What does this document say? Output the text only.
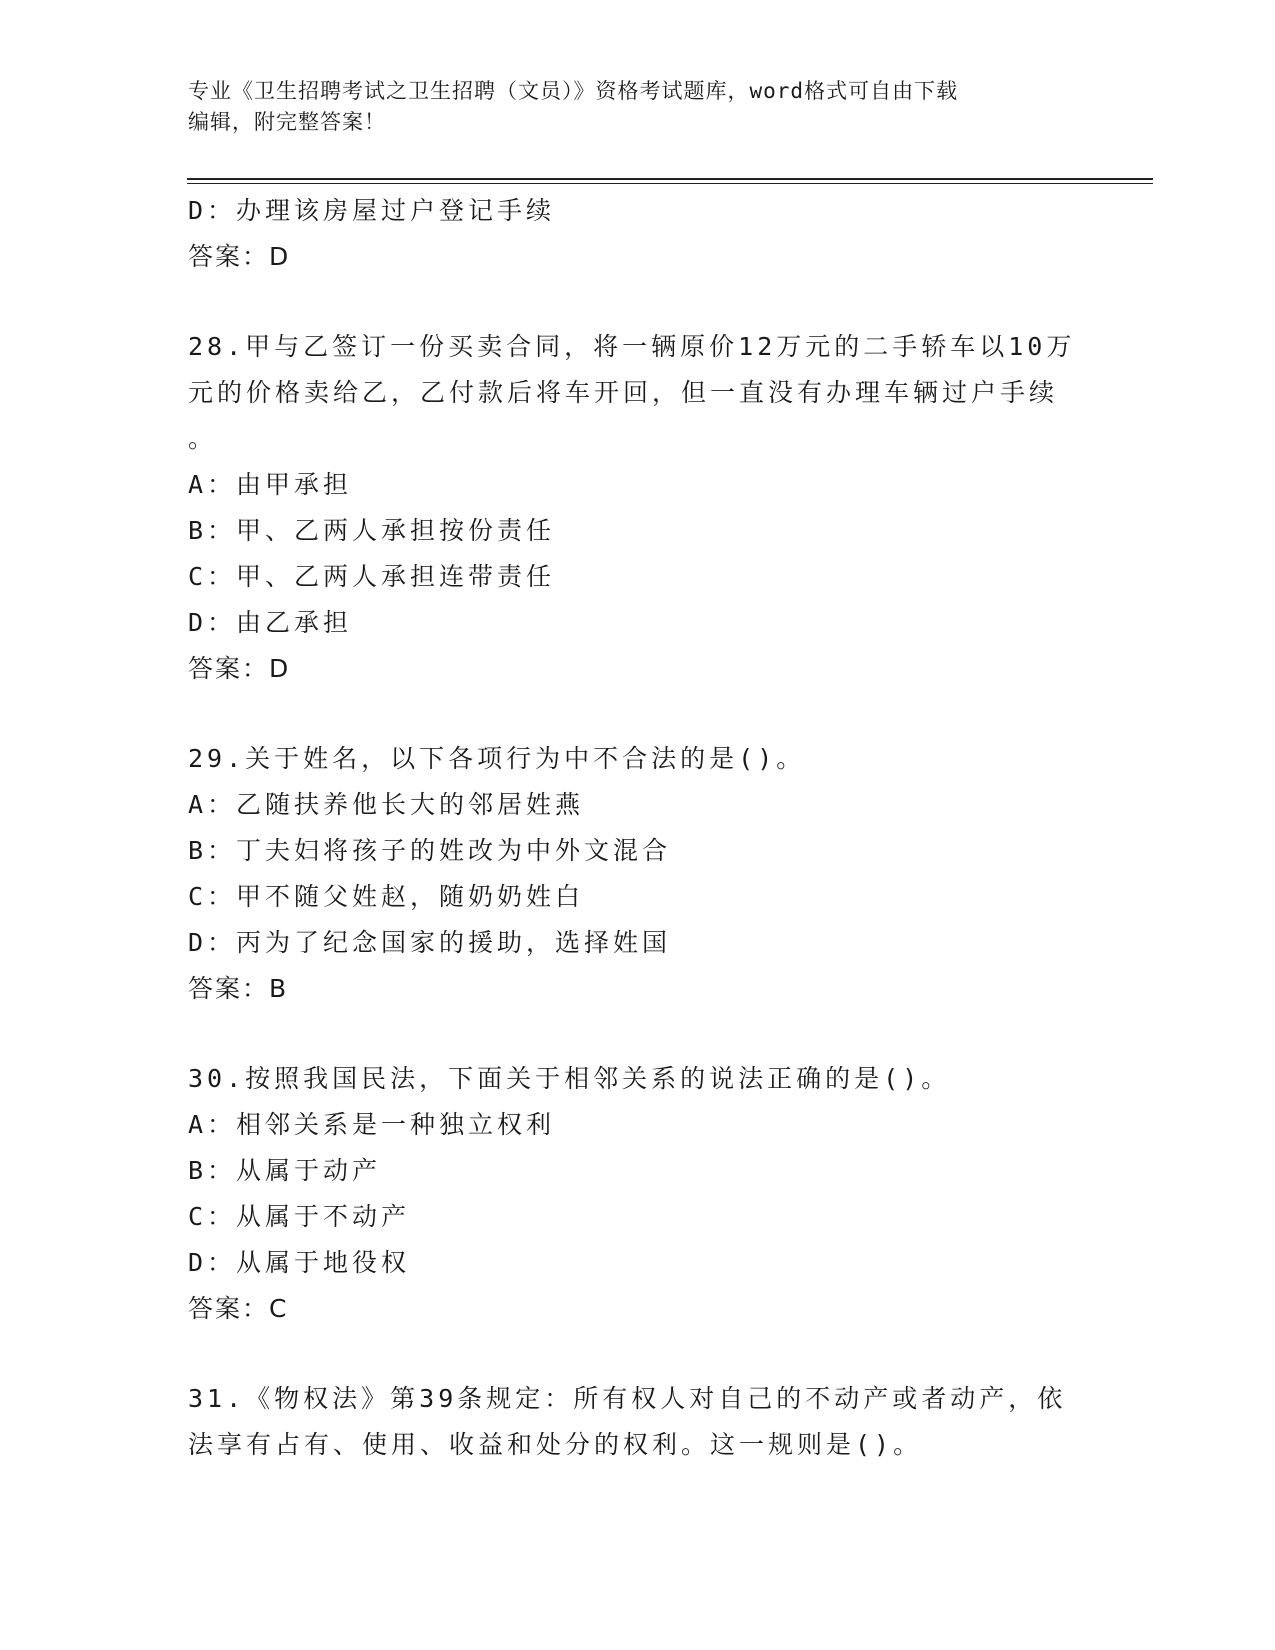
专业《卫生招聘考试之卫生招聘（文员）》资格考试题库，word格式可自由下载
编辑，附完整答案！
D：办理该房屋过户登记手续
答案：D
28.甲与乙签订一份买卖合同，将一辆原价12万元的二手轿车以10万
元的价格卖给乙，乙付款后将车开回，但一直没有办理车辆过户手续
。
A：由甲承担
B：甲、乙两人承担按份责任
C：甲、乙两人承担连带责任
D：由乙承担
答案：D
29.关于姓名，以下各项行为中不合法的是()。
A：乙随扶养他长大的邻居姓燕
B：丁夫妇将孩子的姓改为中外文混合
C：甲不随父姓赵，随奶奶姓白
D：丙为了纪念国家的援助，选择姓国
答案：B
30.按照我国民法，下面关于相邻关系的说法正确的是()。
A：相邻关系是一种独立权利
B：从属于动产
C：从属于不动产
D：从属于地役权
答案：C
31.《物权法》第39条规定：所有权人对自己的不动产或者动产，依
法享有占有、使用、收益和处分的权利。这一规则是()。
